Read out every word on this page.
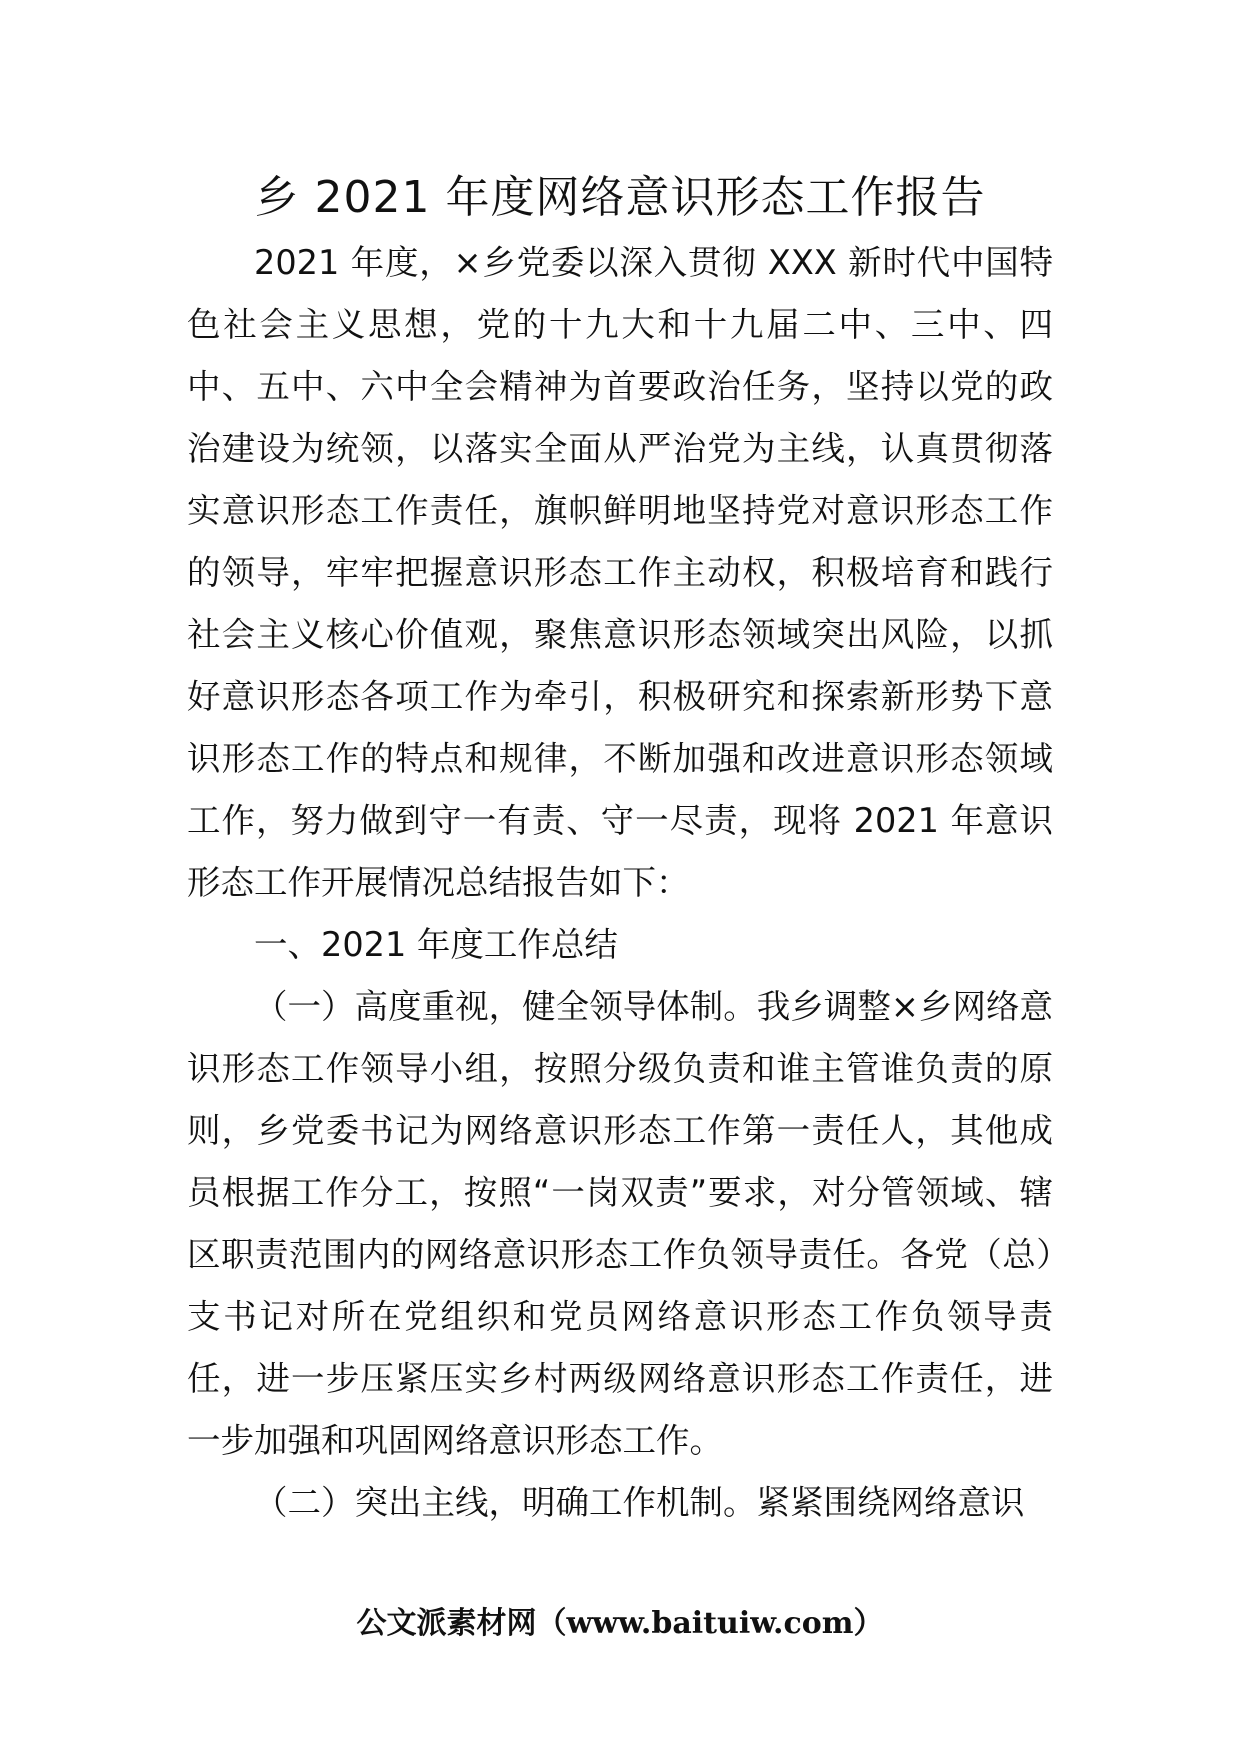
乡 2021 年度网络意识形态工作报告

2021 年度，×乡党委以深入贯彻 XXX 新时代中国特色社会主义思想，党的十九大和十九届二中、三中、四中、五中、六中全会精神为首要政治任务，坚持以党的政治建设为统领，以落实全面从严治党为主线，认真贯彻落实意识形态工作责任，旗帜鲜明地坚持党对意识形态工作的领导，牢牢把握意识形态工作主动权，积极培育和践行社会主义核心价值观，聚焦意识形态领域突出风险，以抓好意识形态各项工作为牵引，积极研究和探索新形势下意识形态工作的特点和规律，不断加强和改进意识形态领域工作，努力做到守一有责、守一尽责，现将 2021 年意识形态工作开展情况总结报告如下：

一、2021 年度工作总结

（一）高度重视，健全领导体制。我乡调整×乡网络意识形态工作领导小组，按照分级负责和谁主管谁负责的原则，乡党委书记为网络意识形态工作第一责任人，其他成员根据工作分工，按照“一岗双责”要求，对分管领域、辖区职责范围内的网络意识形态工作负领导责任。各党（总）支书记对所在党组织和党员网络意识形态工作负领导责任，进一步压紧压实乡村两级网络意识形态工作责任，进一步加强和巩固网络意识形态工作。

（二）突出主线，明确工作机制。紧紧围绕网络意识

公文派素材网（www.baituiw.com）
